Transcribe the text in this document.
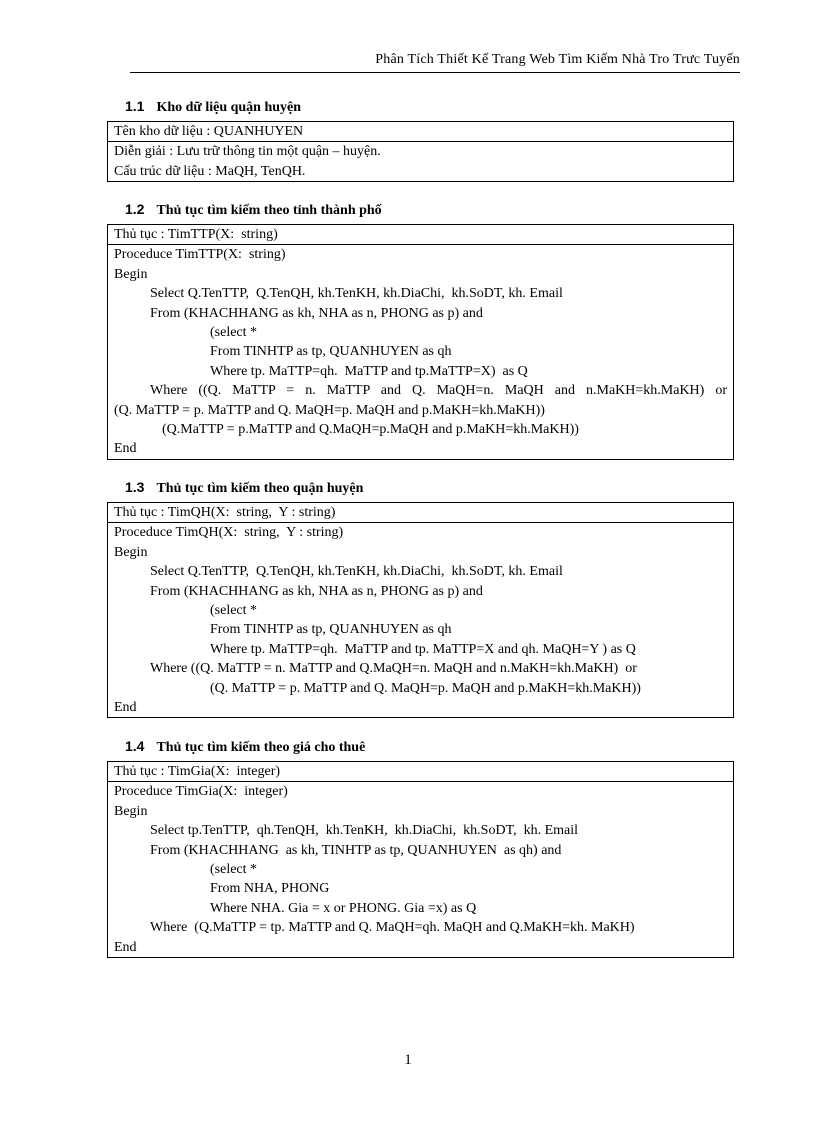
Phân Tích Thiết Kế Trang Web Tìm Kiếm Nhà Tro Trưc Tuyến
1.1 Kho dữ liệu quận huyện
Tên kho dữ liệu : QUANHUYEN
Diễn giải : Lưu trữ thông tin một quận – huyện.
Cấu trúc dữ liệu : MaQH, TenQH.
1.2 Thủ tục tìm kiếm theo tỉnh thành phố
Thủ tục : TimTTP(X:  string)
Proceduce TimTTP(X:  string)
Begin
Select Q.TenTTP,  Q.TenQH, kh.TenKH, kh.DiaChi,  kh.SoDT, kh. Email
From (KHACHHANG as kh, NHA as n, PHONG as p) and
(select *
From TINHTP as tp, QUANHUYEN as qh
Where tp. MaTTP=qh.  MaTTP and tp.MaTTP=X)  as Q
Where ((Q. MaTTP = n. MaTTP and Q. MaQH=n. MaQH and n.MaKH=kh.MaKH) or
(Q. MaTTP = p. MaTTP and Q. MaQH=p. MaQH and p.MaKH=kh.MaKH))
(Q.MaTTP = p.MaTTP and Q.MaQH=p.MaQH and p.MaKH=kh.MaKH))
End
1.3 Thủ tục tìm kiếm theo quận huyện
Thủ tục : TimQH(X:  string,  Y : string)
Proceduce TimQH(X:  string,  Y : string)
Begin
Select Q.TenTTP,  Q.TenQH, kh.TenKH, kh.DiaChi,  kh.SoDT, kh. Email
From (KHACHHANG as kh, NHA as n, PHONG as p) and
(select *
From TINHTP as tp, QUANHUYEN as qh
Where tp. MaTTP=qh.  MaTTP and tp. MaTTP=X and qh. MaQH=Y ) as Q
Where ((Q. MaTTP = n. MaTTP and Q.MaQH=n. MaQH and n.MaKH=kh.MaKH)  or
(Q. MaTTP = p. MaTTP and Q. MaQH=p. MaQH and p.MaKH=kh.MaKH))
End
1.4 Thủ tục tìm kiếm theo giá cho thuê
Thủ tục : TimGia(X:  integer)
Proceduce TimGia(X:  integer)
Begin
Select tp.TenTTP,  qh.TenQH,  kh.TenKH,  kh.DiaChi,  kh.SoDT,  kh. Email
From (KHACHHANG  as kh, TINHTP as tp, QUANHUYEN  as qh) and
(select *
From NHA, PHONG
Where NHA. Gia = x or PHONG. Gia =x) as Q
Where  (Q.MaTTP = tp. MaTTP and Q. MaQH=qh. MaQH and Q.MaKH=kh. MaKH)
End
1
